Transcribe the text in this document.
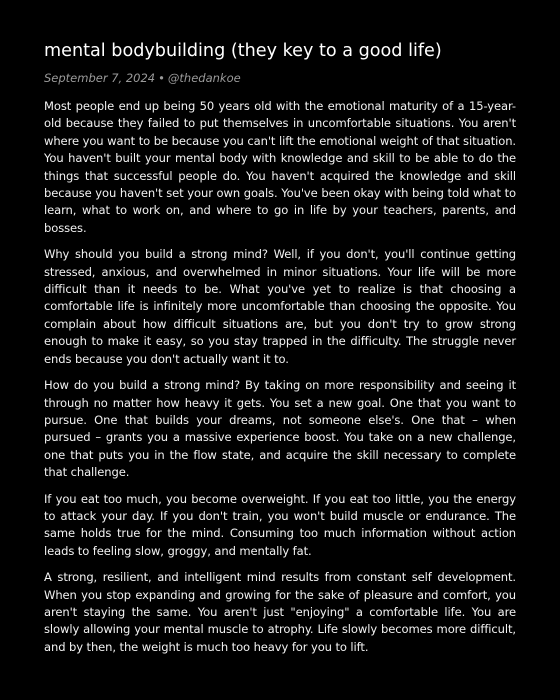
mental bodybuilding (they key to a good life)
September 7, 2024 • @thedankoe

Most people end up being 50 years old with the emotional maturity of a 15-year-old because they failed to put themselves in uncomfortable situations. You aren't where you want to be because you can't lift the emotional weight of that situation. You haven't built your mental body with knowledge and skill to be able to do the things that successful people do. You haven't acquired the knowledge and skill because you haven't set your own goals. You've been okay with being told what to learn, what to work on, and where to go in life by your teachers, parents, and bosses.

Why should you build a strong mind? Well, if you don't, you'll continue getting stressed, anxious, and overwhelmed in minor situations. Your life will be more difficult than it needs to be. What you've yet to realize is that choosing a comfortable life is infinitely more uncomfortable than choosing the opposite. You complain about how difficult situations are, but you don't try to grow strong enough to make it easy, so you stay trapped in the difficulty. The struggle never ends because you don't actually want it to.

How do you build a strong mind? By taking on more responsibility and seeing it through no matter how heavy it gets. You set a new goal. One that you want to pursue. One that builds your dreams, not someone else's. One that – when pursued – grants you a massive experience boost. You take on a new challenge, one that puts you in the flow state, and acquire the skill necessary to complete that challenge.

If you eat too much, you become overweight. If you eat too little, you the energy to attack your day. If you don't train, you won't build muscle or endurance. The same holds true for the mind. Consuming too much information without action leads to feeling slow, groggy, and mentally fat.

A strong, resilient, and intelligent mind results from constant self development. When you stop expanding and growing for the sake of pleasure and comfort, you aren't staying the same. You aren't just "enjoying" a comfortable life. You are slowly allowing your mental muscle to atrophy. Life slowly becomes more difficult, and by then, the weight is much too heavy for you to lift.
